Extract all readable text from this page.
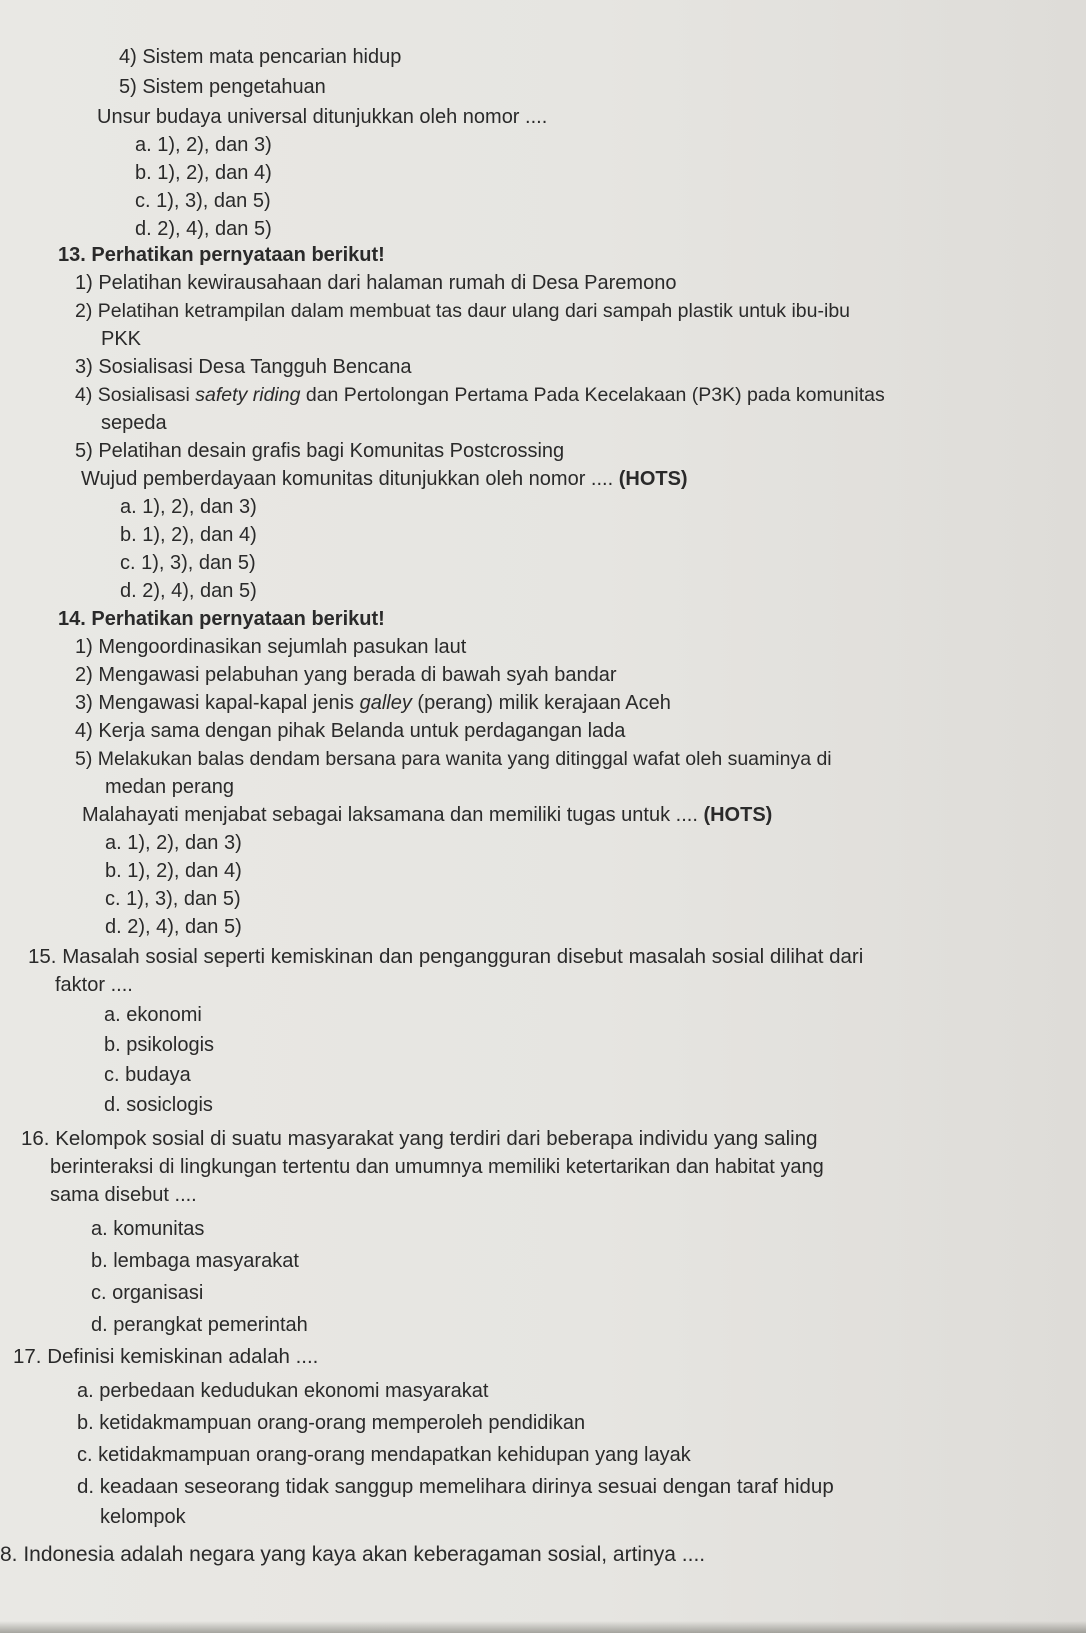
4) Sistem mata pencarian hidup
5) Sistem pengetahuan
Unsur budaya universal ditunjukkan oleh nomor ....
a. 1), 2), dan 3)
b. 1), 2), dan 4)
c. 1), 3), dan 5)
d. 2), 4), dan 5)
13. Perhatikan pernyataan berikut!
1) Pelatihan kewirausahaan dari halaman rumah di Desa Paremono
2) Pelatihan ketrampilan dalam membuat tas daur ulang dari sampah plastik untuk ibu-ibu
PKK
3) Sosialisasi Desa Tangguh Bencana
4) Sosialisasi safety riding dan Pertolongan Pertama Pada Kecelakaan (P3K) pada komunitas
sepeda
5) Pelatihan desain grafis bagi Komunitas Postcrossing
Wujud pemberdayaan komunitas ditunjukkan oleh nomor .... (HOTS)
a. 1), 2), dan 3)
b. 1), 2), dan 4)
c. 1), 3), dan 5)
d. 2), 4), dan 5)
14. Perhatikan pernyataan berikut!
1) Mengoordinasikan sejumlah pasukan laut
2) Mengawasi pelabuhan yang berada di bawah syah bandar
3) Mengawasi kapal-kapal jenis galley (perang) milik kerajaan Aceh
4) Kerja sama dengan pihak Belanda untuk perdagangan lada
5) Melakukan balas dendam bersana para wanita yang ditinggal wafat oleh suaminya di
medan perang
Malahayati menjabat sebagai laksamana dan memiliki tugas untuk .... (HOTS)
a. 1), 2), dan 3)
b. 1), 2), dan 4)
c. 1), 3), dan 5)
d. 2), 4), dan 5)
15. Masalah sosial seperti kemiskinan dan pengangguran disebut masalah sosial dilihat dari
faktor ....
a. ekonomi
b. psikologis
c. budaya
d. sosiclogis
16. Kelompok sosial di suatu masyarakat yang terdiri dari beberapa individu yang saling
berinteraksi di lingkungan tertentu dan umumnya memiliki ketertarikan dan habitat yang
sama disebut ....
a. komunitas
b. lembaga masyarakat
c. organisasi
d. perangkat pemerintah
17. Definisi kemiskinan adalah ....
a. perbedaan kedudukan ekonomi masyarakat
b. ketidakmampuan orang-orang memperoleh pendidikan
c. ketidakmampuan orang-orang mendapatkan kehidupan yang layak
d. keadaan seseorang tidak sanggup memelihara dirinya sesuai dengan taraf hidup
kelompok
8. Indonesia adalah negara yang kaya akan keberagaman sosial, artinya ....
